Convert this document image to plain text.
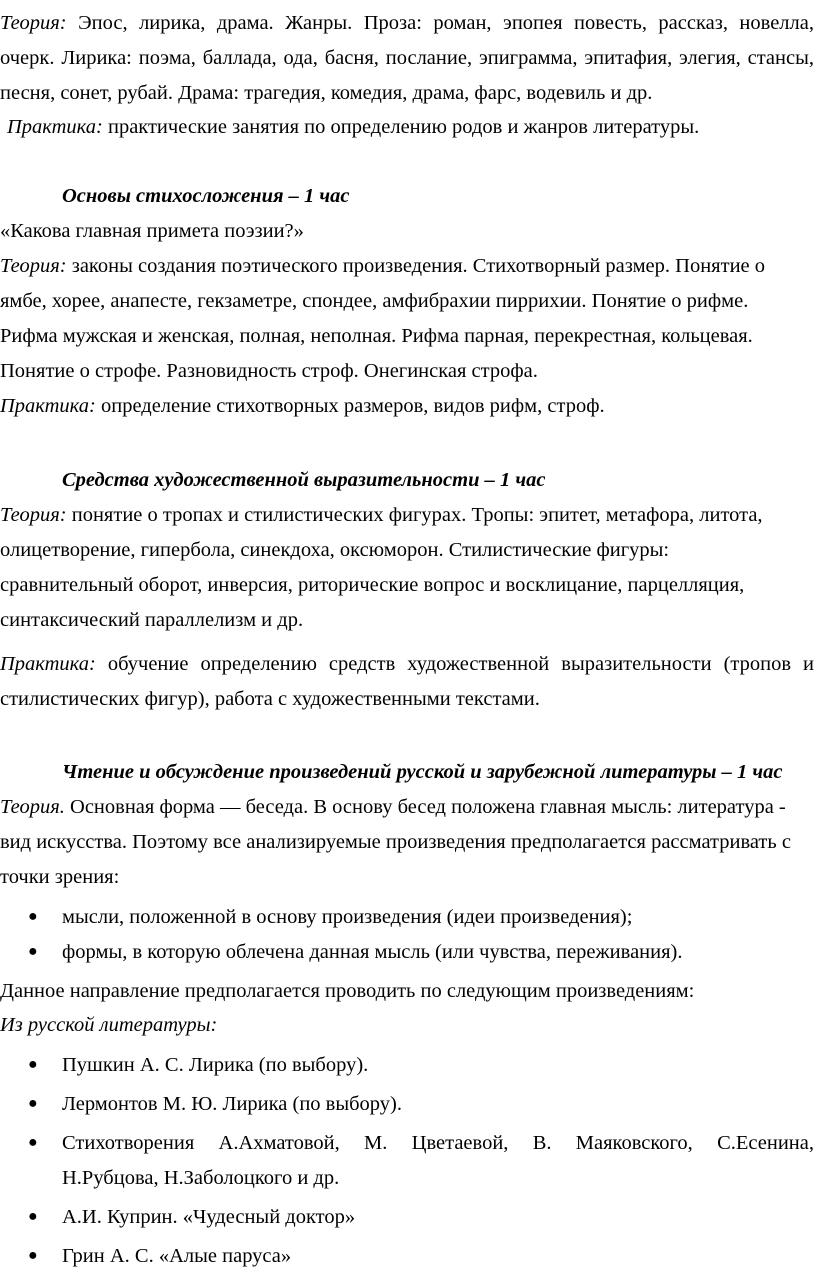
Теория: Эпос, лирика, драма. Жанры. Проза: роман, эпопея повесть, рассказ, новелла,
очерк. Лирика: поэма, баллада, ода, басня, послание, эпиграмма, эпитафия, элегия, стансы,
песня, сонет, рубай. Драма: трагедия, комедия, драма, фарс, водевиль и др.
Практика: практические занятия по определению родов и жанров литературы.
Основы стихосложения – 1 час
«Какова главная примета поэзии?»
Теория: законы создания поэтического произведения. Стихотворный размер. Понятие о
ямбе, хорее, анапесте, гекзаметре, спондее, амфибрахии пиррихии. Понятие о рифме.
Рифма мужская и женская, полная, неполная. Рифма парная, перекрестная, кольцевая.
Понятие о строфе. Разновидность строф. Онегинская строфа.
Практика: определение стихотворных размеров, видов рифм, строф.
Средства художественной выразительности – 1 час
Теория: понятие о тропах и стилистических фигурах. Тропы: эпитет, метафора, литота,
олицетворение, гипербола, синекдоха, оксюморон. Стилистические фигуры:
сравнительный оборот, инверсия, риторические вопрос и восклицание, парцелляция,
синтаксический параллелизм и др.
Практика: обучение определению средств художественной выразительности (тропов и
стилистических фигур), работа с художественными текстами.
Чтение и обсуждение произведений русской и зарубежной литературы – 1 час
Теория. Основная форма — беседа. В основу бесед положена главная мысль: литература -
вид искусства. Поэтому все анализируемые произведения предполагается рассматривать с
точки зрения:
●	мысли, положенной в основу произведения (идеи произведения);
●	формы, в которую облечена данная мысль (или чувства, переживания).
Данное направление предполагается проводить по следующим произведениям:
Из русской литературы:
●	Пушкин А. С. Лирика (по выбору).
●	Лермонтов М. Ю. Лирика (по выбору).
●	Стихотворения А.Ахматовой, М. Цветаевой, В. Маяковского, С.Есенина,
Н.Рубцова, Н.Заболоцкого и др.
●	А.И. Куприн. «Чудесный доктор»
●	Грин А. С. «Алые паруса»
